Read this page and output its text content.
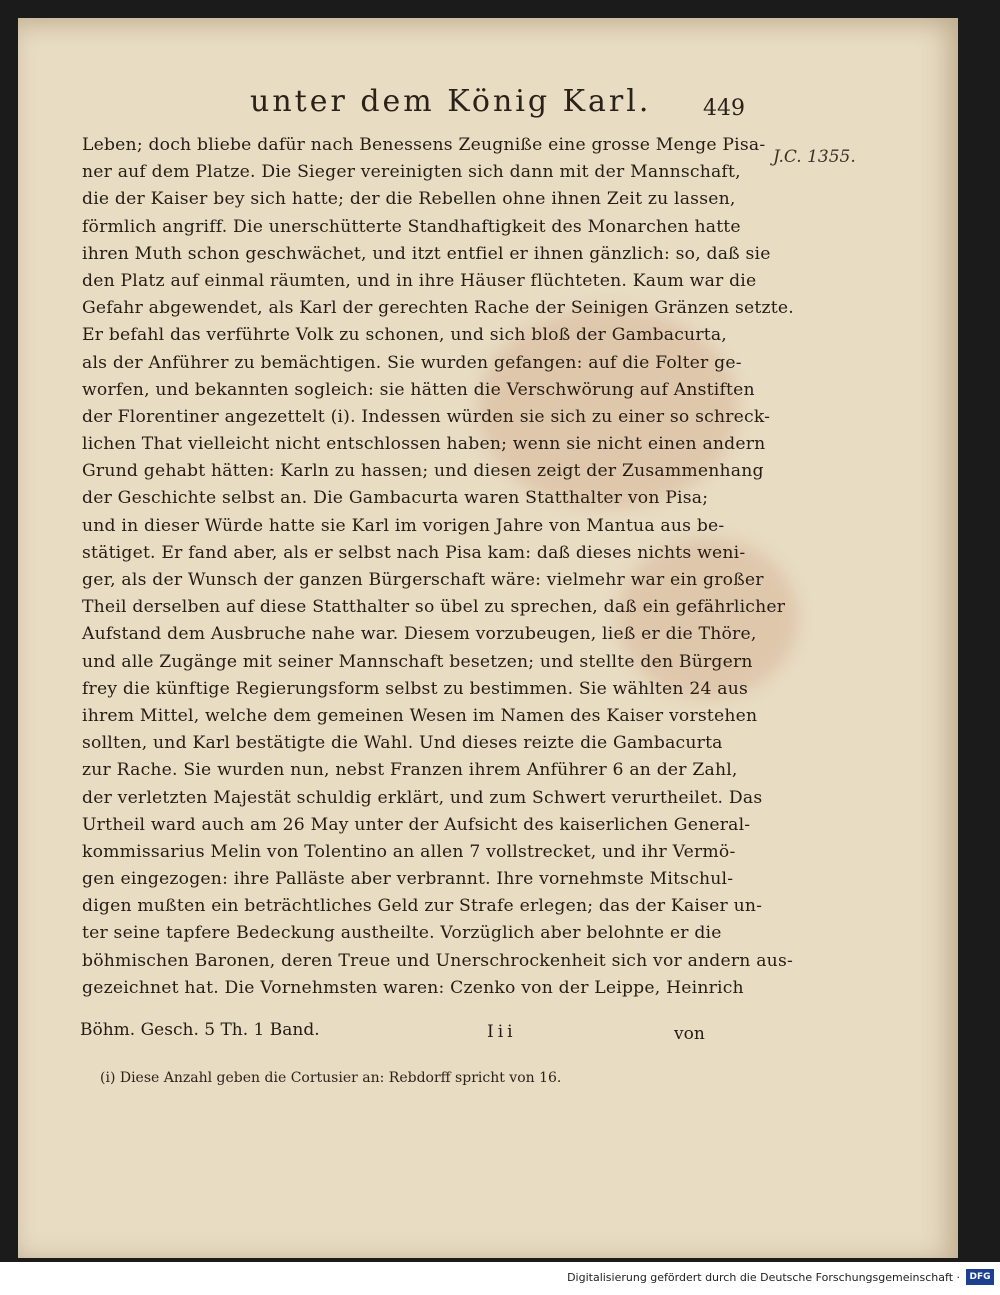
unter dem König Karl. 449
J.C. 1355.
Leben; doch bliebe dafür nach Benessens Zeugniße eine grosse Menge Pisa-
ner auf dem Platze. Die Sieger vereinigten sich dann mit der Mannschaft,
die der Kaiser bey sich hatte; der die Rebellen ohne ihnen Zeit zu lassen,
förmlich angriff. Die unerschütterte Standhaftigkeit des Monarchen hatte
ihren Muth schon geschwächet, und itzt entfiel er ihnen gänzlich: so, daß sie
den Platz auf einmal räumten, und in ihre Häuser flüchteten. Kaum war die
Gefahr abgewendet, als Karl der gerechten Rache der Seinigen Gränzen setzte.
Er befahl das verführte Volk zu schonen, und sich bloß der Gambacurta,
als der Anführer zu bemächtigen. Sie wurden gefangen: auf die Folter ge-
worfen, und bekannten sogleich: sie hätten die Verschwörung auf Anstiften
der Florentiner angezettelt (i). Indessen würden sie sich zu einer so schreck-
lichen That vielleicht nicht entschlossen haben; wenn sie nicht einen andern
Grund gehabt hätten: Karln zu hassen; und diesen zeigt der Zusammenhang
der Geschichte selbst an. Die Gambacurta waren Statthalter von Pisa;
und in dieser Würde hatte sie Karl im vorigen Jahre von Mantua aus be-
stätiget. Er fand aber, als er selbst nach Pisa kam: daß dieses nichts weni-
ger, als der Wunsch der ganzen Bürgerschaft wäre: vielmehr war ein großer
Theil derselben auf diese Statthalter so übel zu sprechen, daß ein gefährlicher
Aufstand dem Ausbruche nahe war. Diesem vorzubeugen, ließ er die Thöre,
und alle Zugänge mit seiner Mannschaft besetzen; und stellte den Bürgern
frey die künftige Regierungsform selbst zu bestimmen. Sie wählten 24 aus
ihrem Mittel, welche dem gemeinen Wesen im Namen des Kaiser vorstehen
sollten, und Karl bestätigte die Wahl. Und dieses reizte die Gambacurta
zur Rache. Sie wurden nun, nebst Franzen ihrem Anführer 6 an der Zahl,
der verletzten Majestät schuldig erklärt, und zum Schwert verurtheilet. Das
Urtheil ward auch am 26 May unter der Aufsicht des kaiserlichen General-
kommissarius Melin von Tolentino an allen 7 vollstrecket, und ihr Vermö-
gen eingezogen: ihre Palläste aber verbrannt. Ihre vornehmste Mitschul-
digen mußten ein beträchtliches Geld zur Strafe erlegen; das der Kaiser un-
ter seine tapfere Bedeckung austheilte. Vorzüglich aber belohnte er die
böhmischen Baronen, deren Treue und Unerschrockenheit sich vor andern aus-
gezeichnet hat. Die Vornehmsten waren: Czenko von der Leippe, Heinrich
Böhm. Gesch. 5 Th. 1 Band.	Iii	von
(i) Diese Anzahl geben die Cortusier an: Rebdorff spricht von 16.
Digitalisierung gefördert durch die Deutsche Forschungsgemeinschaft ·	DFG
